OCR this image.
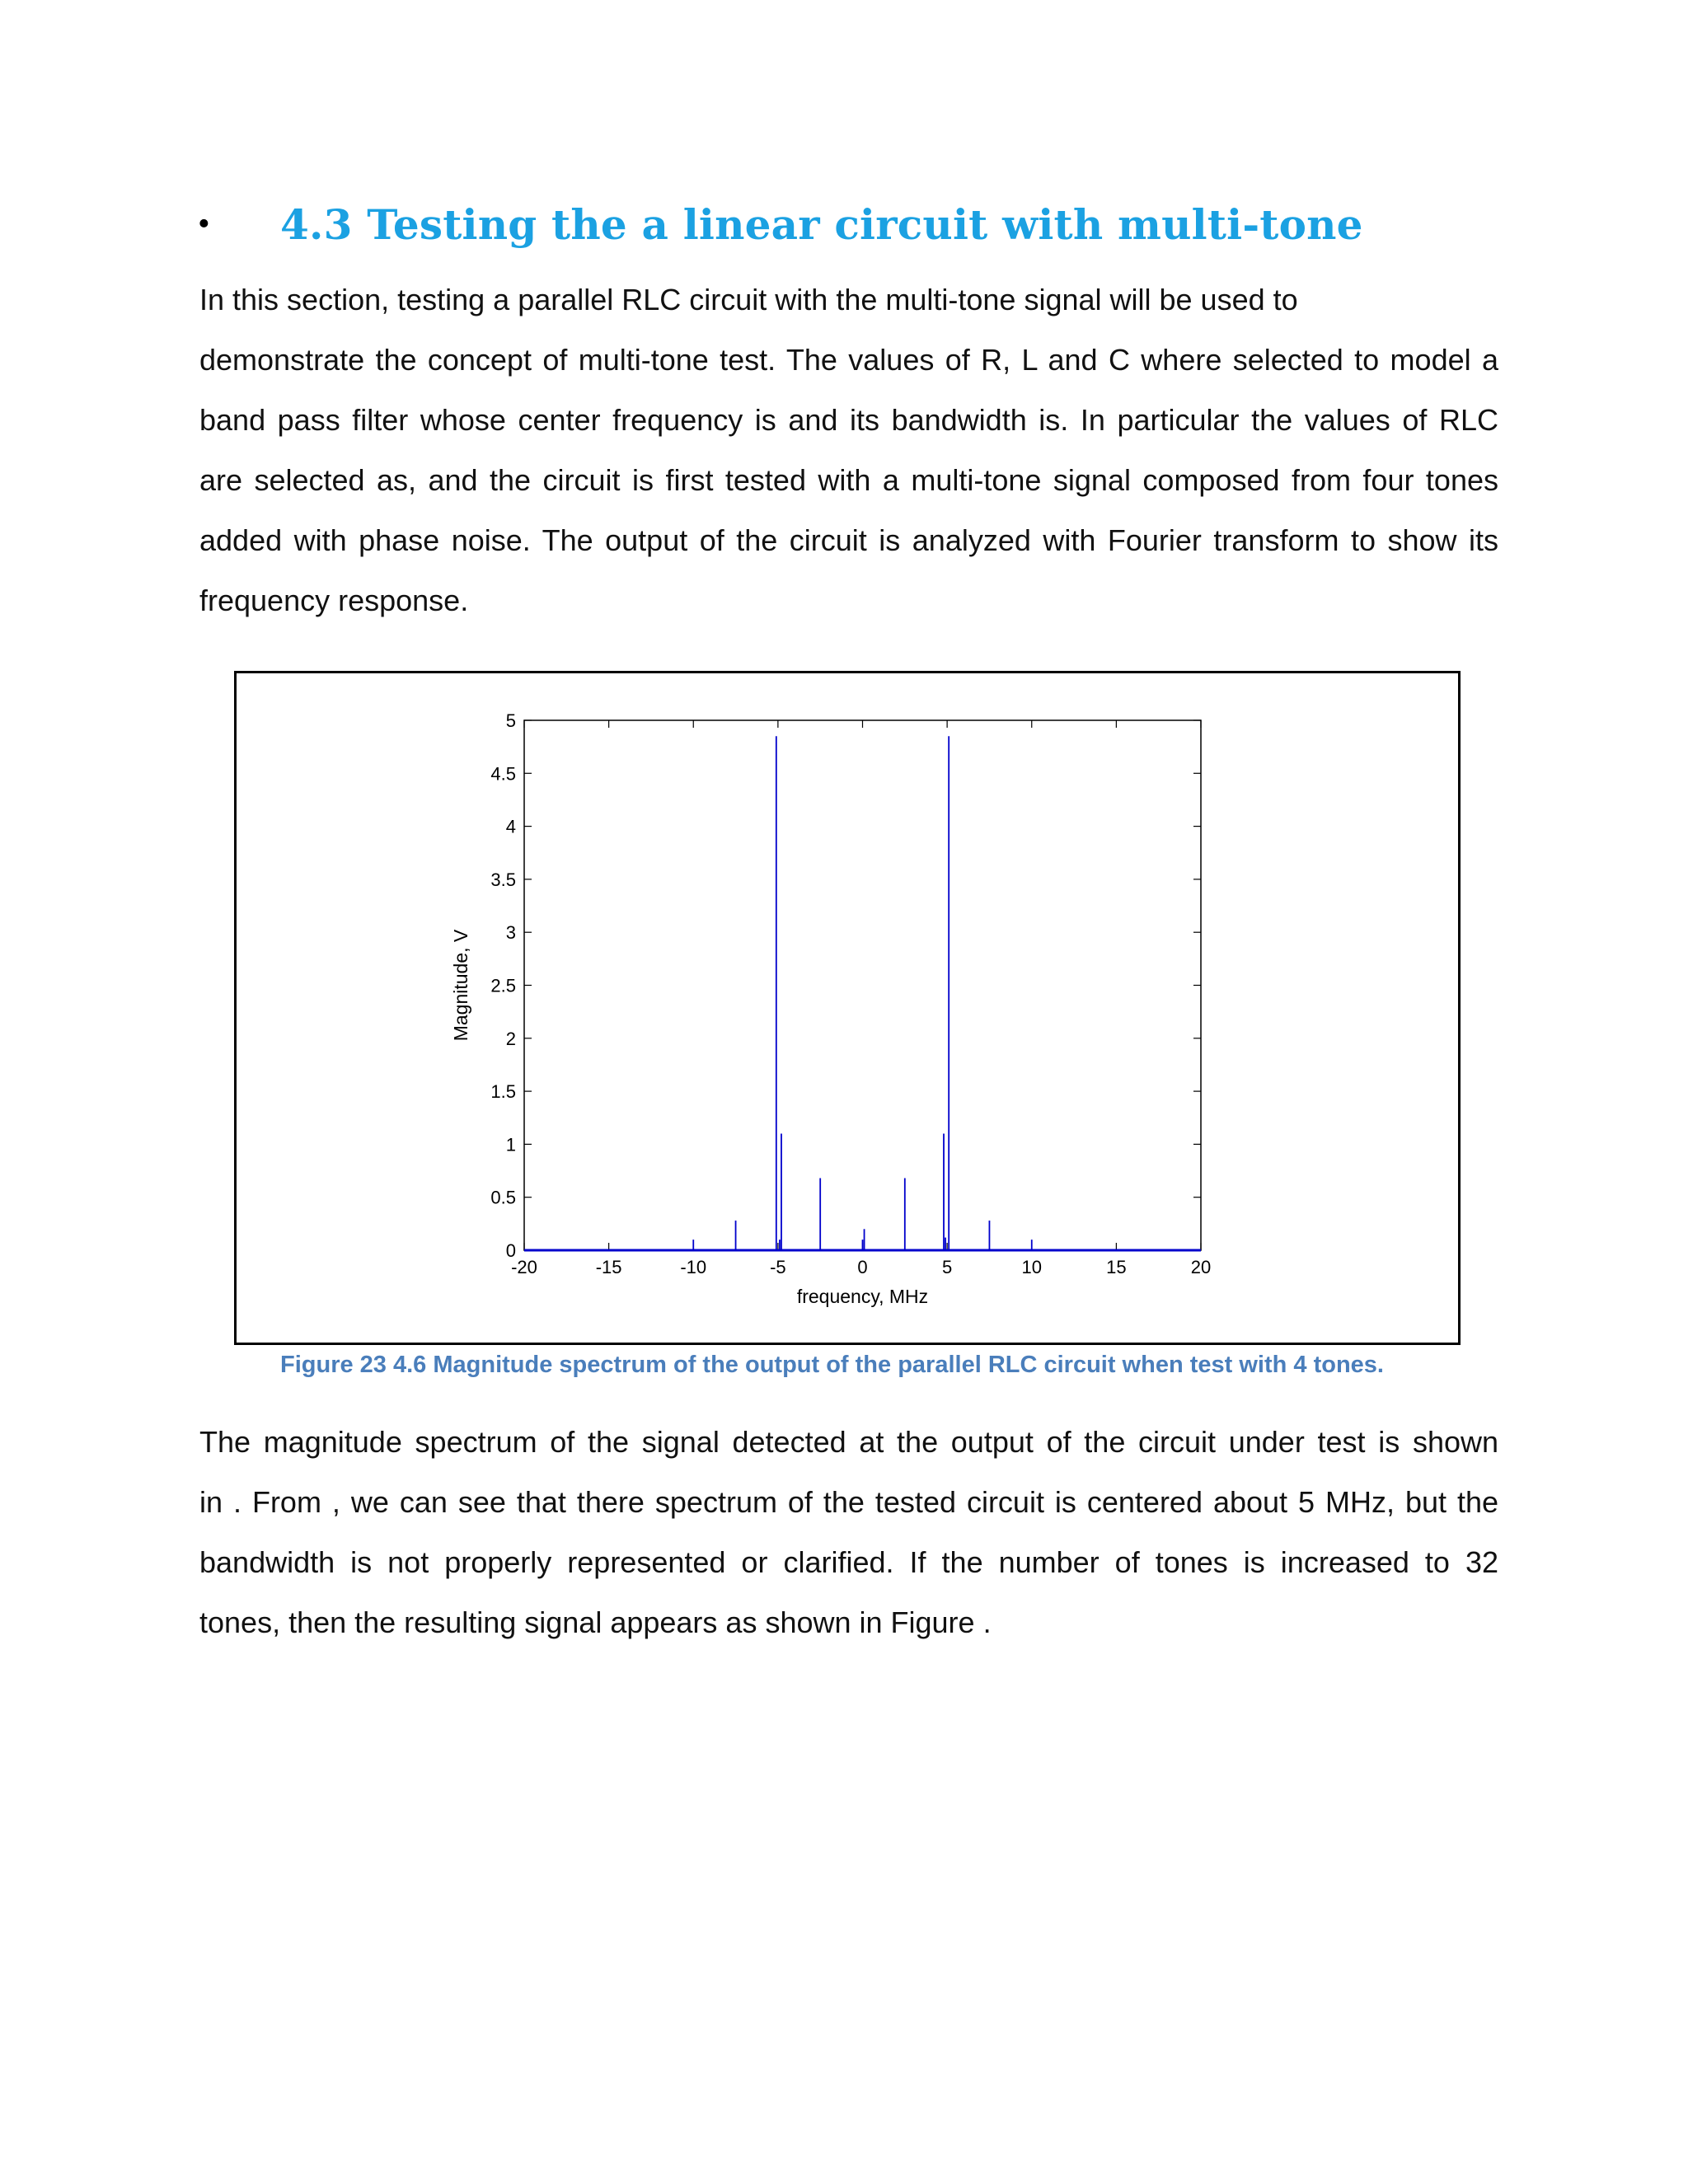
•	4.3 Testing the a linear circuit with multi-tone
In this section, testing a parallel RLC circuit with the multi-tone signal will be used to
demonstrate the concept of multi-tone test. The values of R, L and C where selected to model a
band pass filter whose center frequency is and its bandwidth is. In particular the values of RLC
are selected as, and the circuit is first tested with a multi-tone signal composed from four tones
added with phase noise. The output of the circuit is analyzed with Fourier transform to show its
frequency response.
-20	-15	-10	-5	0	5	10	15	20
0
0.5
1
1.5
2
2.5
3
3.5
4
4.5
5
frequency, MHz
Magnitude, V
Figure 23 4.6 Magnitude spectrum of the output of the parallel RLC circuit when test with 4 tones.
The magnitude spectrum of the signal detected at the output of the circuit under test is shown
in . From , we can see that there spectrum of the tested circuit is centered about 5 MHz, but the
bandwidth is not properly represented or clarified. If the number of tones is increased to 32
tones, then the resulting signal appears as shown in Figure .
